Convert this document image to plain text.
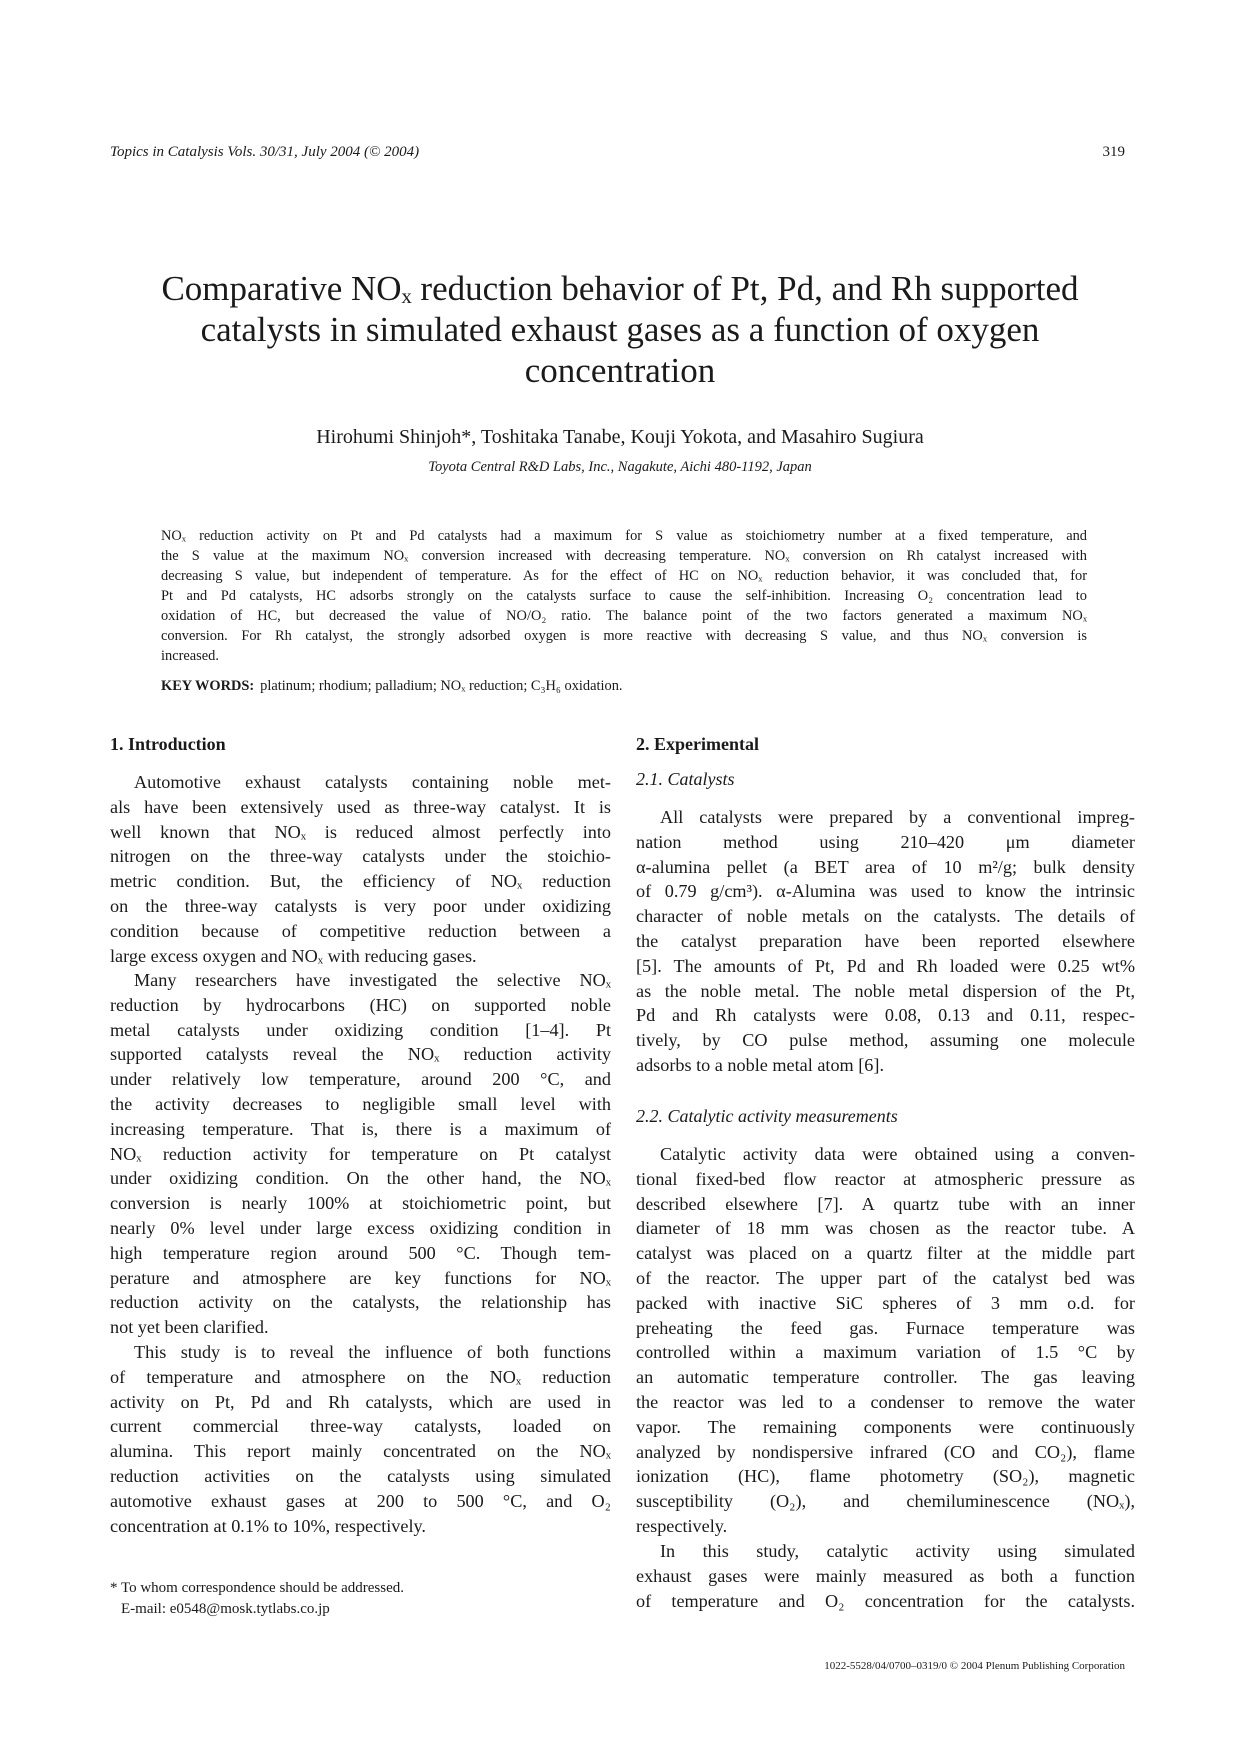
Topics in Catalysis Vols. 30/31, July 2004 (© 2004)	319
Comparative NOₓ reduction behavior of Pt, Pd, and Rh supported
catalysts in simulated exhaust gases as a function of oxygen
concentration
Hirohumi Shinjoh*, Toshitaka Tanabe, Kouji Yokota, and Masahiro Sugiura
Toyota Central R&D Labs, Inc., Nagakute, Aichi 480-1192, Japan
NOₓ reduction activity on Pt and Pd catalysts had a maximum for S value as stoichiometry number at a fixed temperature, and
the S value at the maximum NOₓ conversion increased with decreasing temperature. NOₓ conversion on Rh catalyst increased with
decreasing S value, but independent of temperature. As for the effect of HC on NOₓ reduction behavior, it was concluded that, for
Pt and Pd catalysts, HC adsorbs strongly on the catalysts surface to cause the self-inhibition. Increasing O₂ concentration lead to
oxidation of HC, but decreased the value of NO/O₂ ratio. The balance point of the two factors generated a maximum NOₓ
conversion. For Rh catalyst, the strongly adsorbed oxygen is more reactive with decreasing S value, and thus NOₓ conversion is
increased.
KEY WORDS: platinum; rhodium; palladium; NOₓ reduction; C₃H₆ oxidation.
1. Introduction
Automotive exhaust catalysts containing noble met-
als have been extensively used as three-way catalyst. It is
well known that NOₓ is reduced almost perfectly into
nitrogen on the three-way catalysts under the stoichio-
metric condition. But, the efficiency of NOₓ reduction
on the three-way catalysts is very poor under oxidizing
condition because of competitive reduction between a
large excess oxygen and NOₓ with reducing gases.
Many researchers have investigated the selective NOₓ
reduction by hydrocarbons (HC) on supported noble
metal catalysts under oxidizing condition [1–4]. Pt
supported catalysts reveal the NOₓ reduction activity
under relatively low temperature, around 200 °C, and
the activity decreases to negligible small level with
increasing temperature. That is, there is a maximum of
NOₓ reduction activity for temperature on Pt catalyst
under oxidizing condition. On the other hand, the NOₓ
conversion is nearly 100% at stoichiometric point, but
nearly 0% level under large excess oxidizing condition in
high temperature region around 500 °C. Though tem-
perature and atmosphere are key functions for NOₓ
reduction activity on the catalysts, the relationship has
not yet been clarified.
This study is to reveal the influence of both functions
of temperature and atmosphere on the NOₓ reduction
activity on Pt, Pd and Rh catalysts, which are used in
current commercial three-way catalysts, loaded on
alumina. This report mainly concentrated on the NOₓ
reduction activities on the catalysts using simulated
automotive exhaust gases at 200 to 500 °C, and O₂
concentration at 0.1% to 10%, respectively.
* To whom correspondence should be addressed.
E-mail: e0548@mosk.tytlabs.co.jp
2. Experimental
2.1. Catalysts
All catalysts were prepared by a conventional impreg-
nation method using 210–420 μm diameter
α-alumina pellet (a BET area of 10 m²/g; bulk density
of 0.79 g/cm³). α-Alumina was used to know the intrinsic
character of noble metals on the catalysts. The details of
the catalyst preparation have been reported elsewhere
[5]. The amounts of Pt, Pd and Rh loaded were 0.25 wt%
as the noble metal. The noble metal dispersion of the Pt,
Pd and Rh catalysts were 0.08, 0.13 and 0.11, respec-
tively, by CO pulse method, assuming one molecule
adsorbs to a noble metal atom [6].
2.2. Catalytic activity measurements
Catalytic activity data were obtained using a conven-
tional fixed-bed flow reactor at atmospheric pressure as
described elsewhere [7]. A quartz tube with an inner
diameter of 18 mm was chosen as the reactor tube. A
catalyst was placed on a quartz filter at the middle part
of the reactor. The upper part of the catalyst bed was
packed with inactive SiC spheres of 3 mm o.d. for
preheating the feed gas. Furnace temperature was
controlled within a maximum variation of 1.5 °C by
an automatic temperature controller. The gas leaving
the reactor was led to a condenser to remove the water
vapor. The remaining components were continuously
analyzed by nondispersive infrared (CO and CO₂), flame
ionization (HC), flame photometry (SO₂), magnetic
susceptibility (O₂), and chemiluminescence (NOₓ),
respectively.
In this study, catalytic activity using simulated
exhaust gases were mainly measured as both a function
of temperature and O₂ concentration for the catalysts.
1022-5528/04/0700–0319/0 © 2004 Plenum Publishing Corporation
